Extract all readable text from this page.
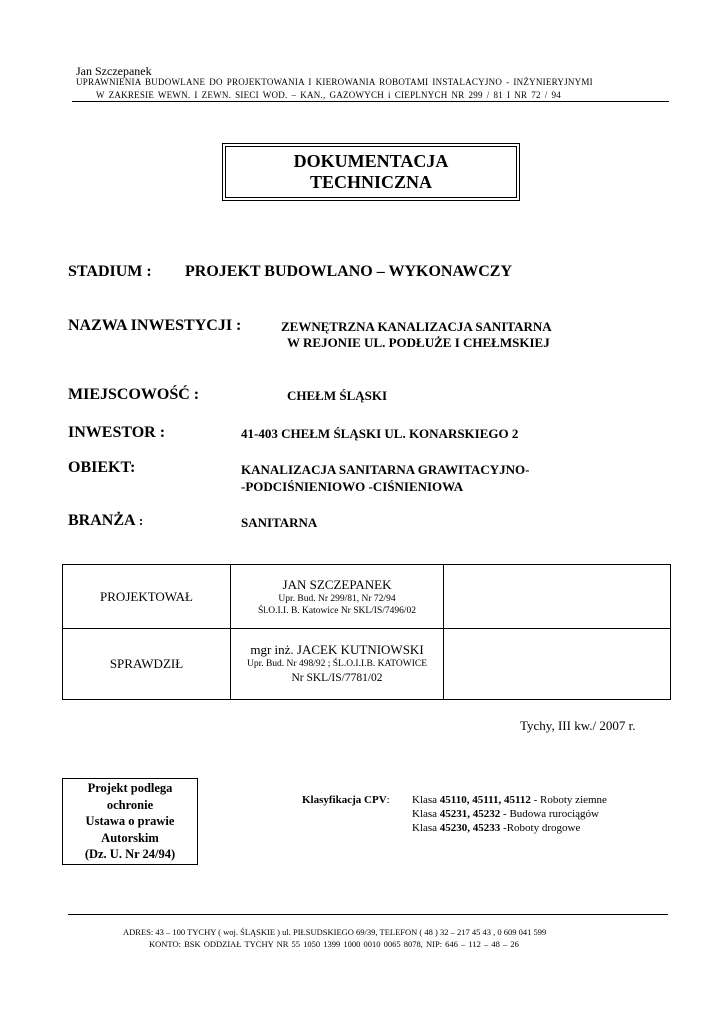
Jan Szczepanek
UPRAWNIENIA BUDOWLANE DO PROJEKTOWANIA I KIEROWANIA ROBOTAMI INSTALACYJNO - INŻYNIERYJNYMI
W ZAKRESIE WEWN. I ZEWN. SIECI WOD. – KAN., GAZOWYCH i CIEPLNYCH NR 299 / 81 I NR 72 / 94
DOKUMENTACJA
TECHNICZNA
STADIUM : PROJEKT BUDOWLANO – WYKONAWCZY
NAZWA INWESTYCJI :	ZEWNĘTRZNA KANALIZACJA SANITARNA
W REJONIE UL. PODŁUŻE I CHEŁMSKIEJ
MIEJSCOWOŚĆ :	CHEŁM ŚLĄSKI
INWESTOR :	41-403 CHEŁM ŚLĄSKI UL. KONARSKIEGO 2
OBIEKT:	KANALIZACJA SANITARNA GRAWITACYJNO-
-PODCIŚNIENIOWO -CIŚNIENIOWA
BRANŻA :	SANITARNA
PROJEKTOWAŁ	JAN SZCZEPANEK
Upr. Bud. Nr 299/81, Nr 72/94
Śl.O.I.I. B. Katowice Nr SKL/IS/7496/02	

SPRAWDZIŁ	mgr inż. JACEK KUTNIOWSKI
Upr. Bud. Nr 498/92 ; ŚL.O.I.I.B. KATOWICE
Nr SKL/IS/7781/02	

Tychy, III kw./ 2007 r.
Projekt podlega
ochronie
Ustawa o prawie
Autorskim
(Dz. U. Nr 24/94)
Klasyfikacja CPV: Klasa 45110, 45111, 45112 - Roboty ziemne
Klasa 45231, 45232 - Budowa rurociągów
Klasa 45230, 45233 -Roboty drogowe
ADRES: 43 – 100 TYCHY ( woj. ŚLĄSKIE ) ul. PIŁSUDSKIEGO 69/39, TELEFON ( 48 ) 32 – 217 45 43 , 0 609 041 599
KONTO: BSK ODDZIAŁ TYCHY NR 55 1050 1399 1000 0010 0065 8078, NIP: 646 – 112 – 48 – 26
